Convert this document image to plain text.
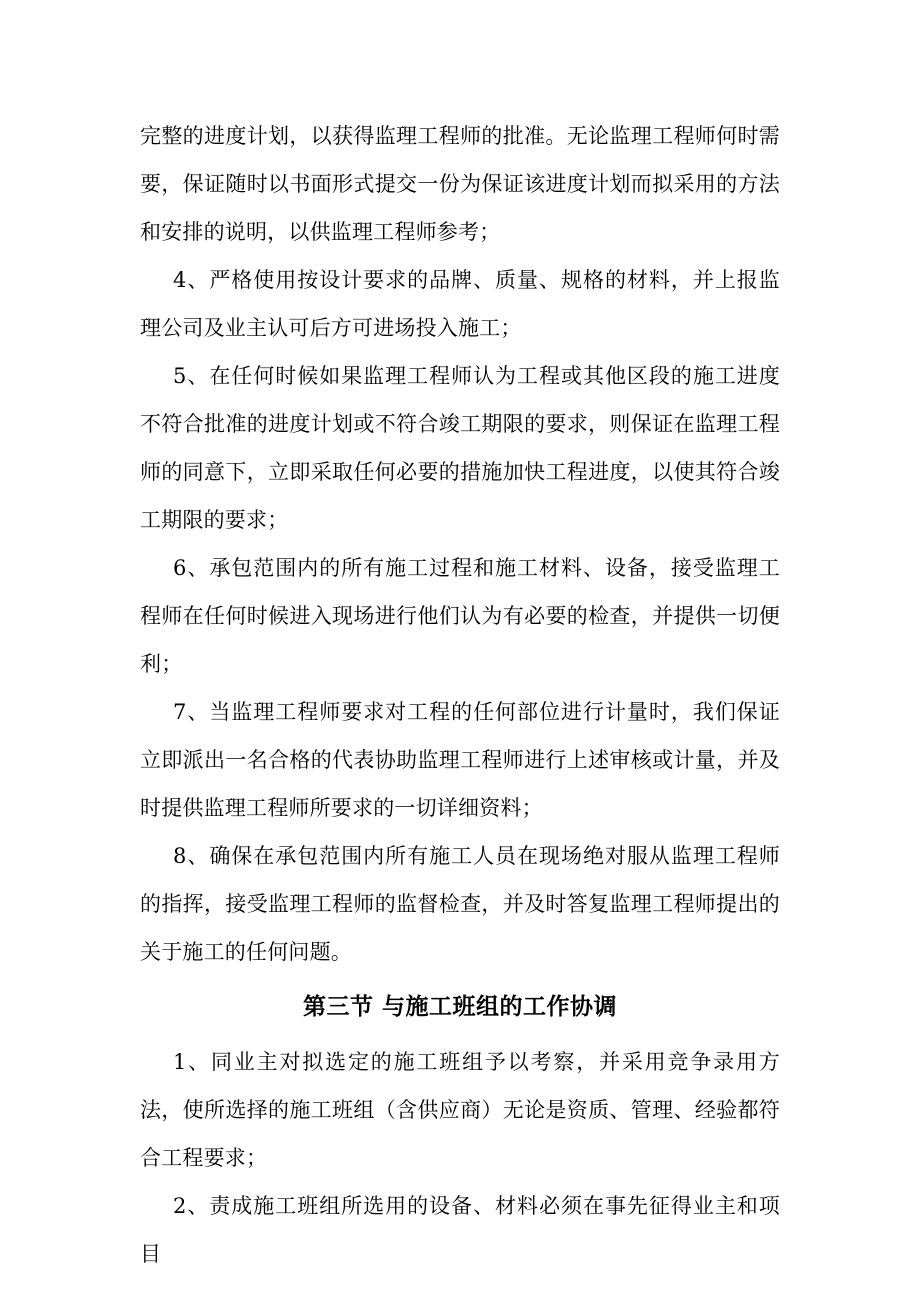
完整的进度计划，以获得监理工程师的批准。无论监理工程师何时需要，保证随时以书面形式提交一份为保证该进度计划而拟采用的方法和安排的说明，以供监理工程师参考；

4、严格使用按设计要求的品牌、质量、规格的材料，并上报监理公司及业主认可后方可进场投入施工；

5、在任何时候如果监理工程师认为工程或其他区段的施工进度不符合批准的进度计划或不符合竣工期限的要求，则保证在监理工程师的同意下，立即采取任何必要的措施加快工程进度，以使其符合竣工期限的要求；

6、承包范围内的所有施工过程和施工材料、设备，接受监理工程师在任何时候进入现场进行他们认为有必要的检查，并提供一切便利；

7、当监理工程师要求对工程的任何部位进行计量时，我们保证立即派出一名合格的代表协助监理工程师进行上述审核或计量，并及时提供监理工程师所要求的一切详细资料；

8、确保在承包范围内所有施工人员在现场绝对服从监理工程师的指挥，接受监理工程师的监督检查，并及时答复监理工程师提出的关于施工的任何问题。

第三节 与施工班组的工作协调

1、同业主对拟选定的施工班组予以考察，并采用竞争录用方法，使所选择的施工班组（含供应商）无论是资质、管理、经验都符合工程要求；

2、责成施工班组所选用的设备、材料必须在事先征得业主和项目
